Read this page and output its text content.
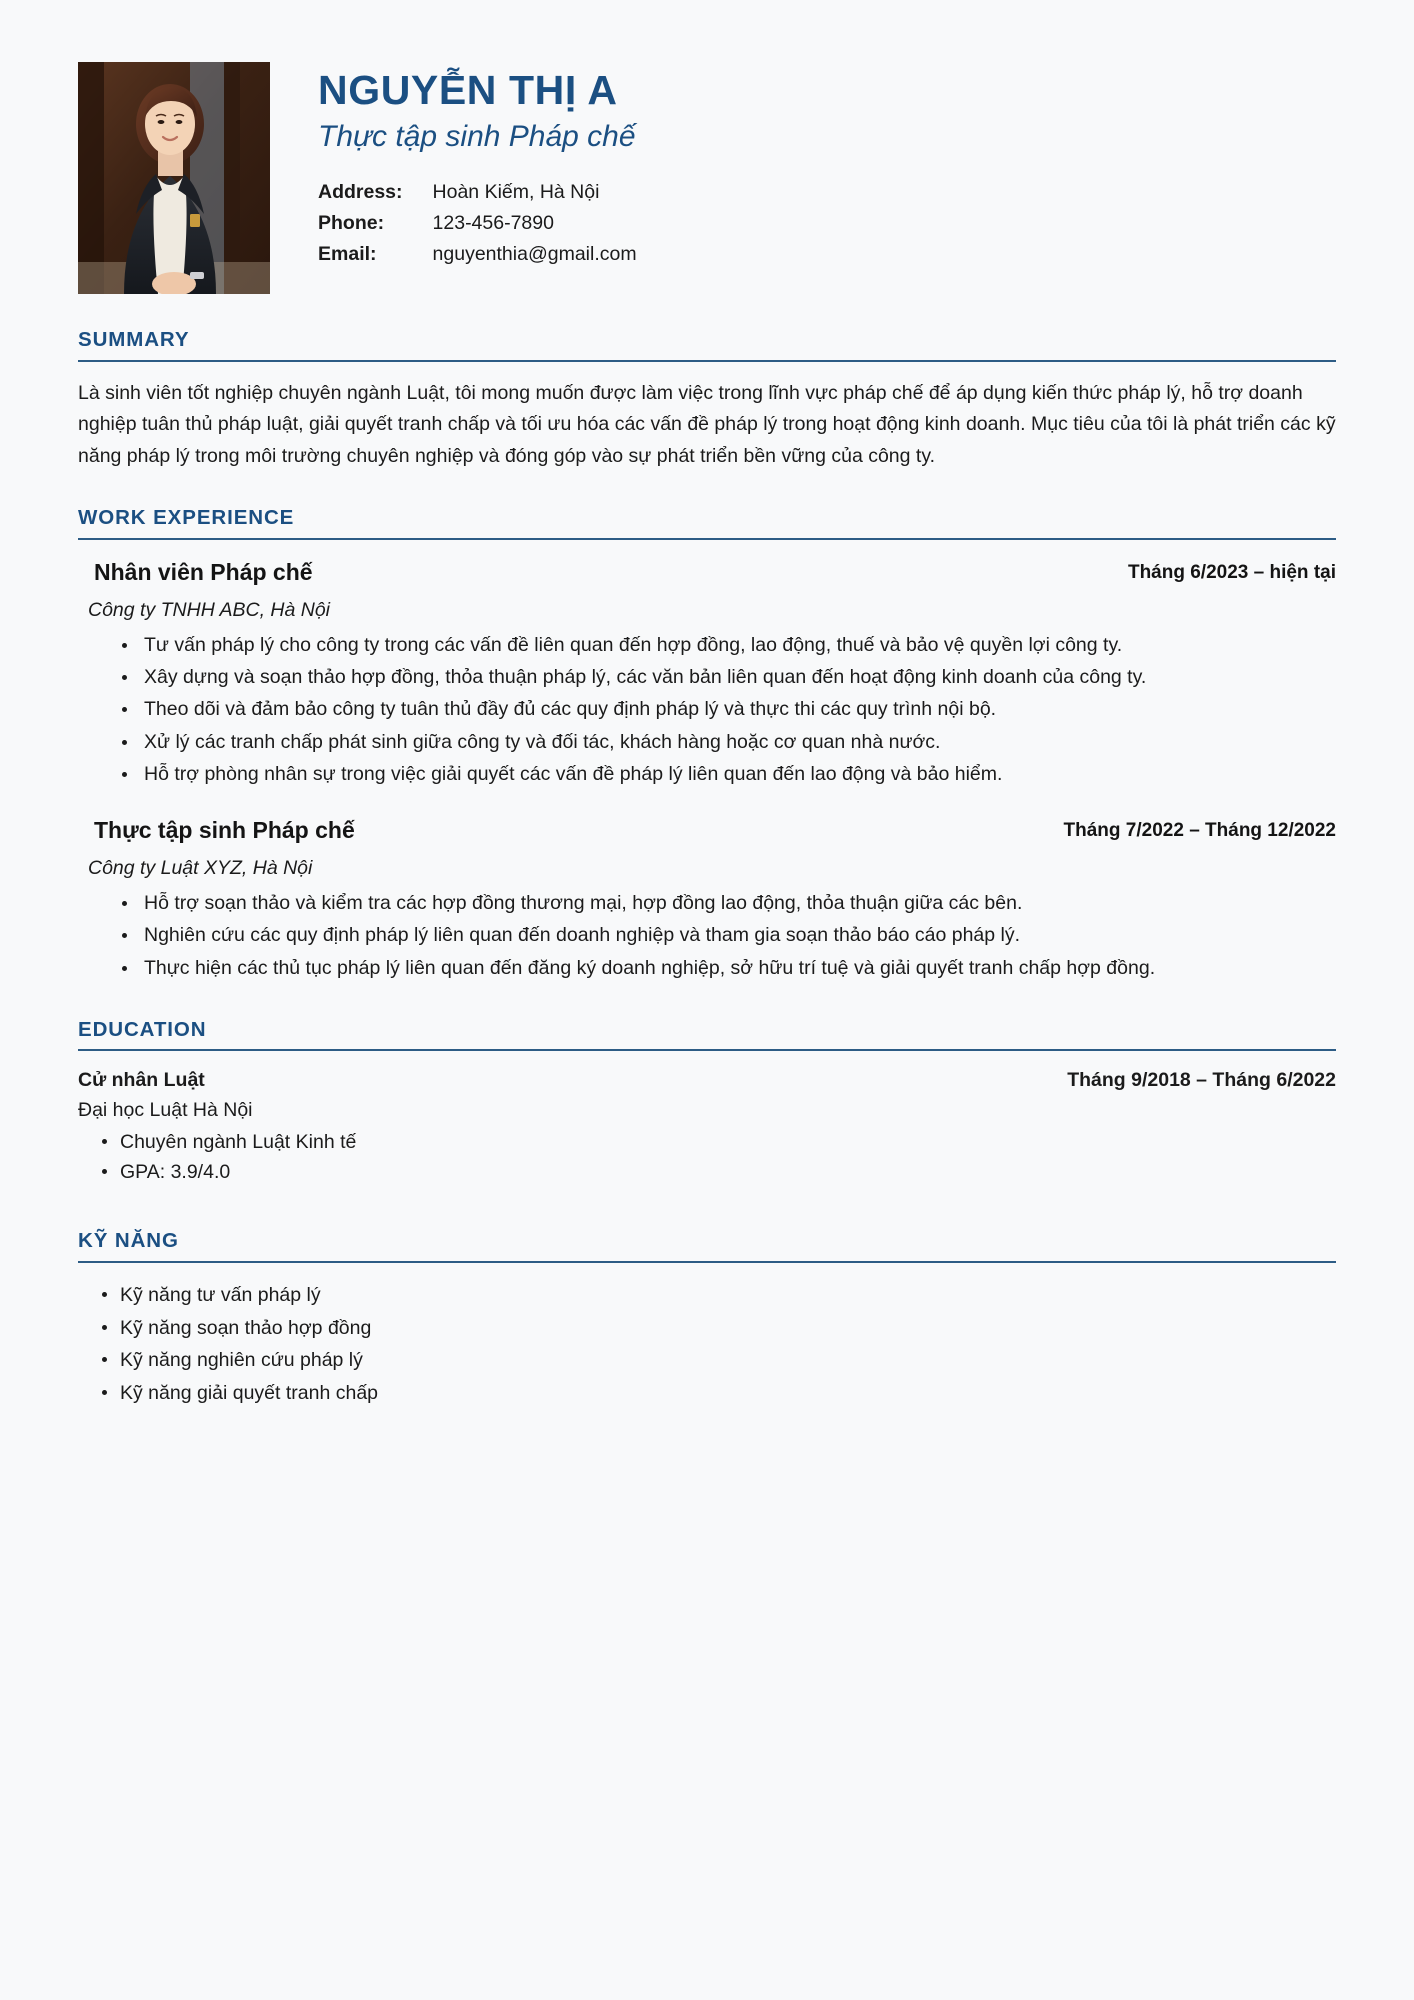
NGUYỄN THỊ A
Thực tập sinh Pháp chế
Address:	Hoàn Kiếm, Hà Nội
Phone:	123-456-7890
Email:	nguyenthia@gmail.com
SUMMARY

Là sinh viên tốt nghiệp chuyên ngành Luật, tôi mong muốn được làm việc trong lĩnh vực pháp chế để áp dụng kiến thức pháp lý, hỗ trợ doanh nghiệp tuân thủ pháp luật, giải quyết tranh chấp và tối ưu hóa các vấn đề pháp lý trong hoạt động kinh doanh. Mục tiêu của tôi là phát triển các kỹ năng pháp lý trong môi trường chuyên nghiệp và đóng góp vào sự phát triển bền vững của công ty.

WORK EXPERIENCE
Nhân viên Pháp chế	Tháng 6/2023 – hiện tại
Công ty TNHH ABC, Hà Nội
Tư vấn pháp lý cho công ty trong các vấn đề liên quan đến hợp đồng, lao động, thuế và bảo vệ quyền lợi công ty.
Xây dựng và soạn thảo hợp đồng, thỏa thuận pháp lý, các văn bản liên quan đến hoạt động kinh doanh của công ty.
Theo dõi và đảm bảo công ty tuân thủ đầy đủ các quy định pháp lý và thực thi các quy trình nội bộ.
Xử lý các tranh chấp phát sinh giữa công ty và đối tác, khách hàng hoặc cơ quan nhà nước.
Hỗ trợ phòng nhân sự trong việc giải quyết các vấn đề pháp lý liên quan đến lao động và bảo hiểm.
Thực tập sinh Pháp chế	Tháng 7/2022 – Tháng 12/2022
Công ty Luật XYZ, Hà Nội
Hỗ trợ soạn thảo và kiểm tra các hợp đồng thương mại, hợp đồng lao động, thỏa thuận giữa các bên.
Nghiên cứu các quy định pháp lý liên quan đến doanh nghiệp và tham gia soạn thảo báo cáo pháp lý.
Thực hiện các thủ tục pháp lý liên quan đến đăng ký doanh nghiệp, sở hữu trí tuệ và giải quyết tranh chấp hợp đồng.
EDUCATION
Cử nhân Luật	Tháng 9/2018 – Tháng 6/2022
Đại học Luật Hà Nội
Chuyên ngành Luật Kinh tế
GPA: 3.9/4.0
KỸ NĂNG
Kỹ năng tư vấn pháp lý
Kỹ năng soạn thảo hợp đồng
Kỹ năng nghiên cứu pháp lý
Kỹ năng giải quyết tranh chấp
